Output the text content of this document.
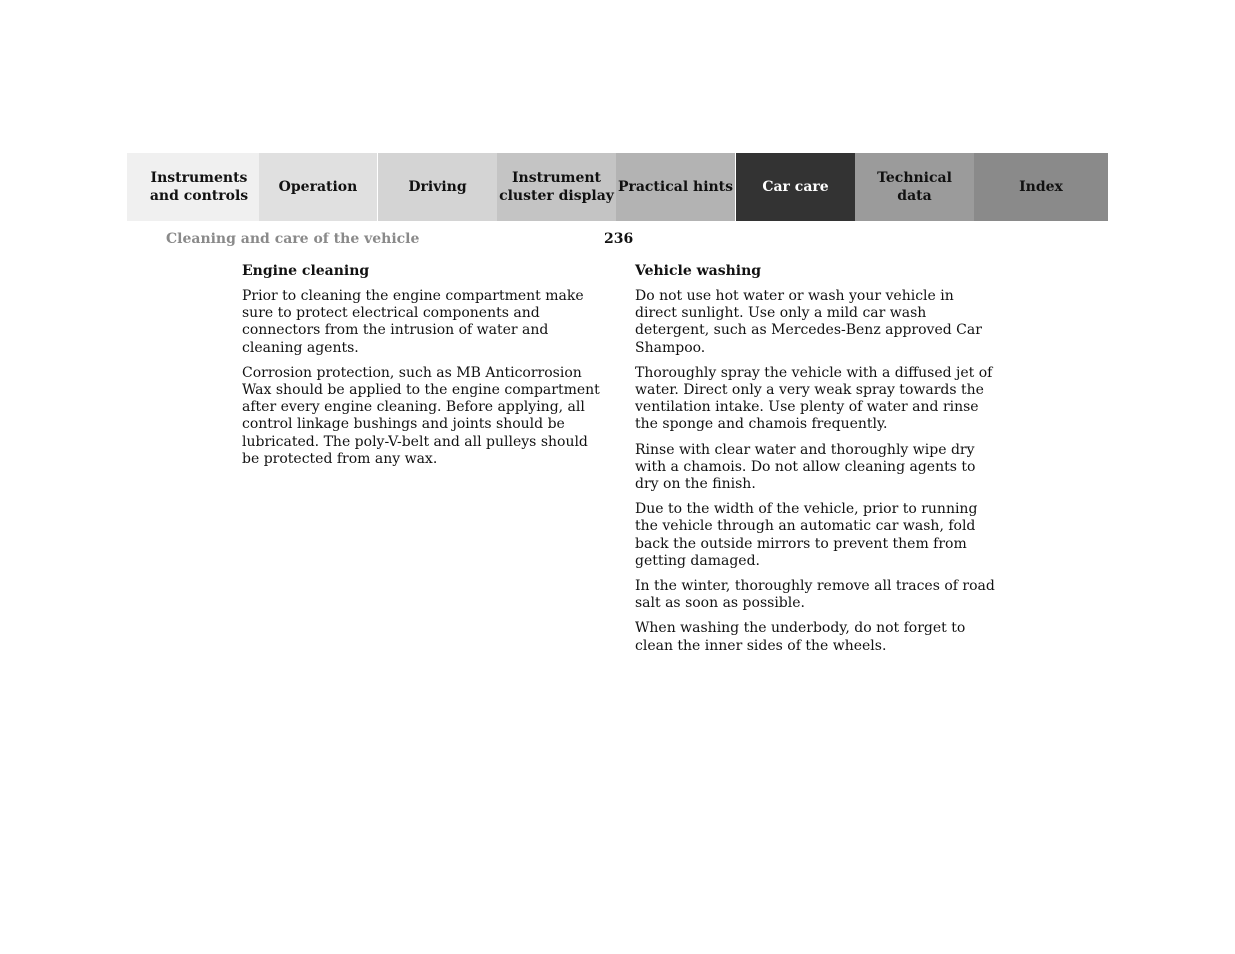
Instruments
and controls
Operation	Driving
Instrument
cluster display
Practical hints Car care
Technical
data
Index
Cleaning and care of the vehicle	236
Engine cleaning

Prior to cleaning the engine compartment make sure to protect electrical components and connectors from the intrusion of water and cleaning agents.

Corrosion protection, such as MB Anticorrosion Wax should be applied to the engine compartment after every engine cleaning. Before applying, all control linkage bushings and joints should be lubricated. The poly-V-belt and all pulleys should be protected from any wax.

Vehicle washing

Do not use hot water or wash your vehicle in direct sunlight. Use only a mild car wash detergent, such as Mercedes-Benz approved Car Shampoo.

Thoroughly spray the vehicle with a diffused jet of water. Direct only a very weak spray towards the ventilation intake. Use plenty of water and rinse the sponge and chamois frequently.

Rinse with clear water and thoroughly wipe dry with a chamois. Do not allow cleaning agents to dry on the finish.

Due to the width of the vehicle, prior to running the vehicle through an automatic car wash, fold back the outside mirrors to prevent them from getting damaged.

In the winter, thoroughly remove all traces of road salt as soon as possible.

When washing the underbody, do not forget to clean the inner sides of the wheels.
